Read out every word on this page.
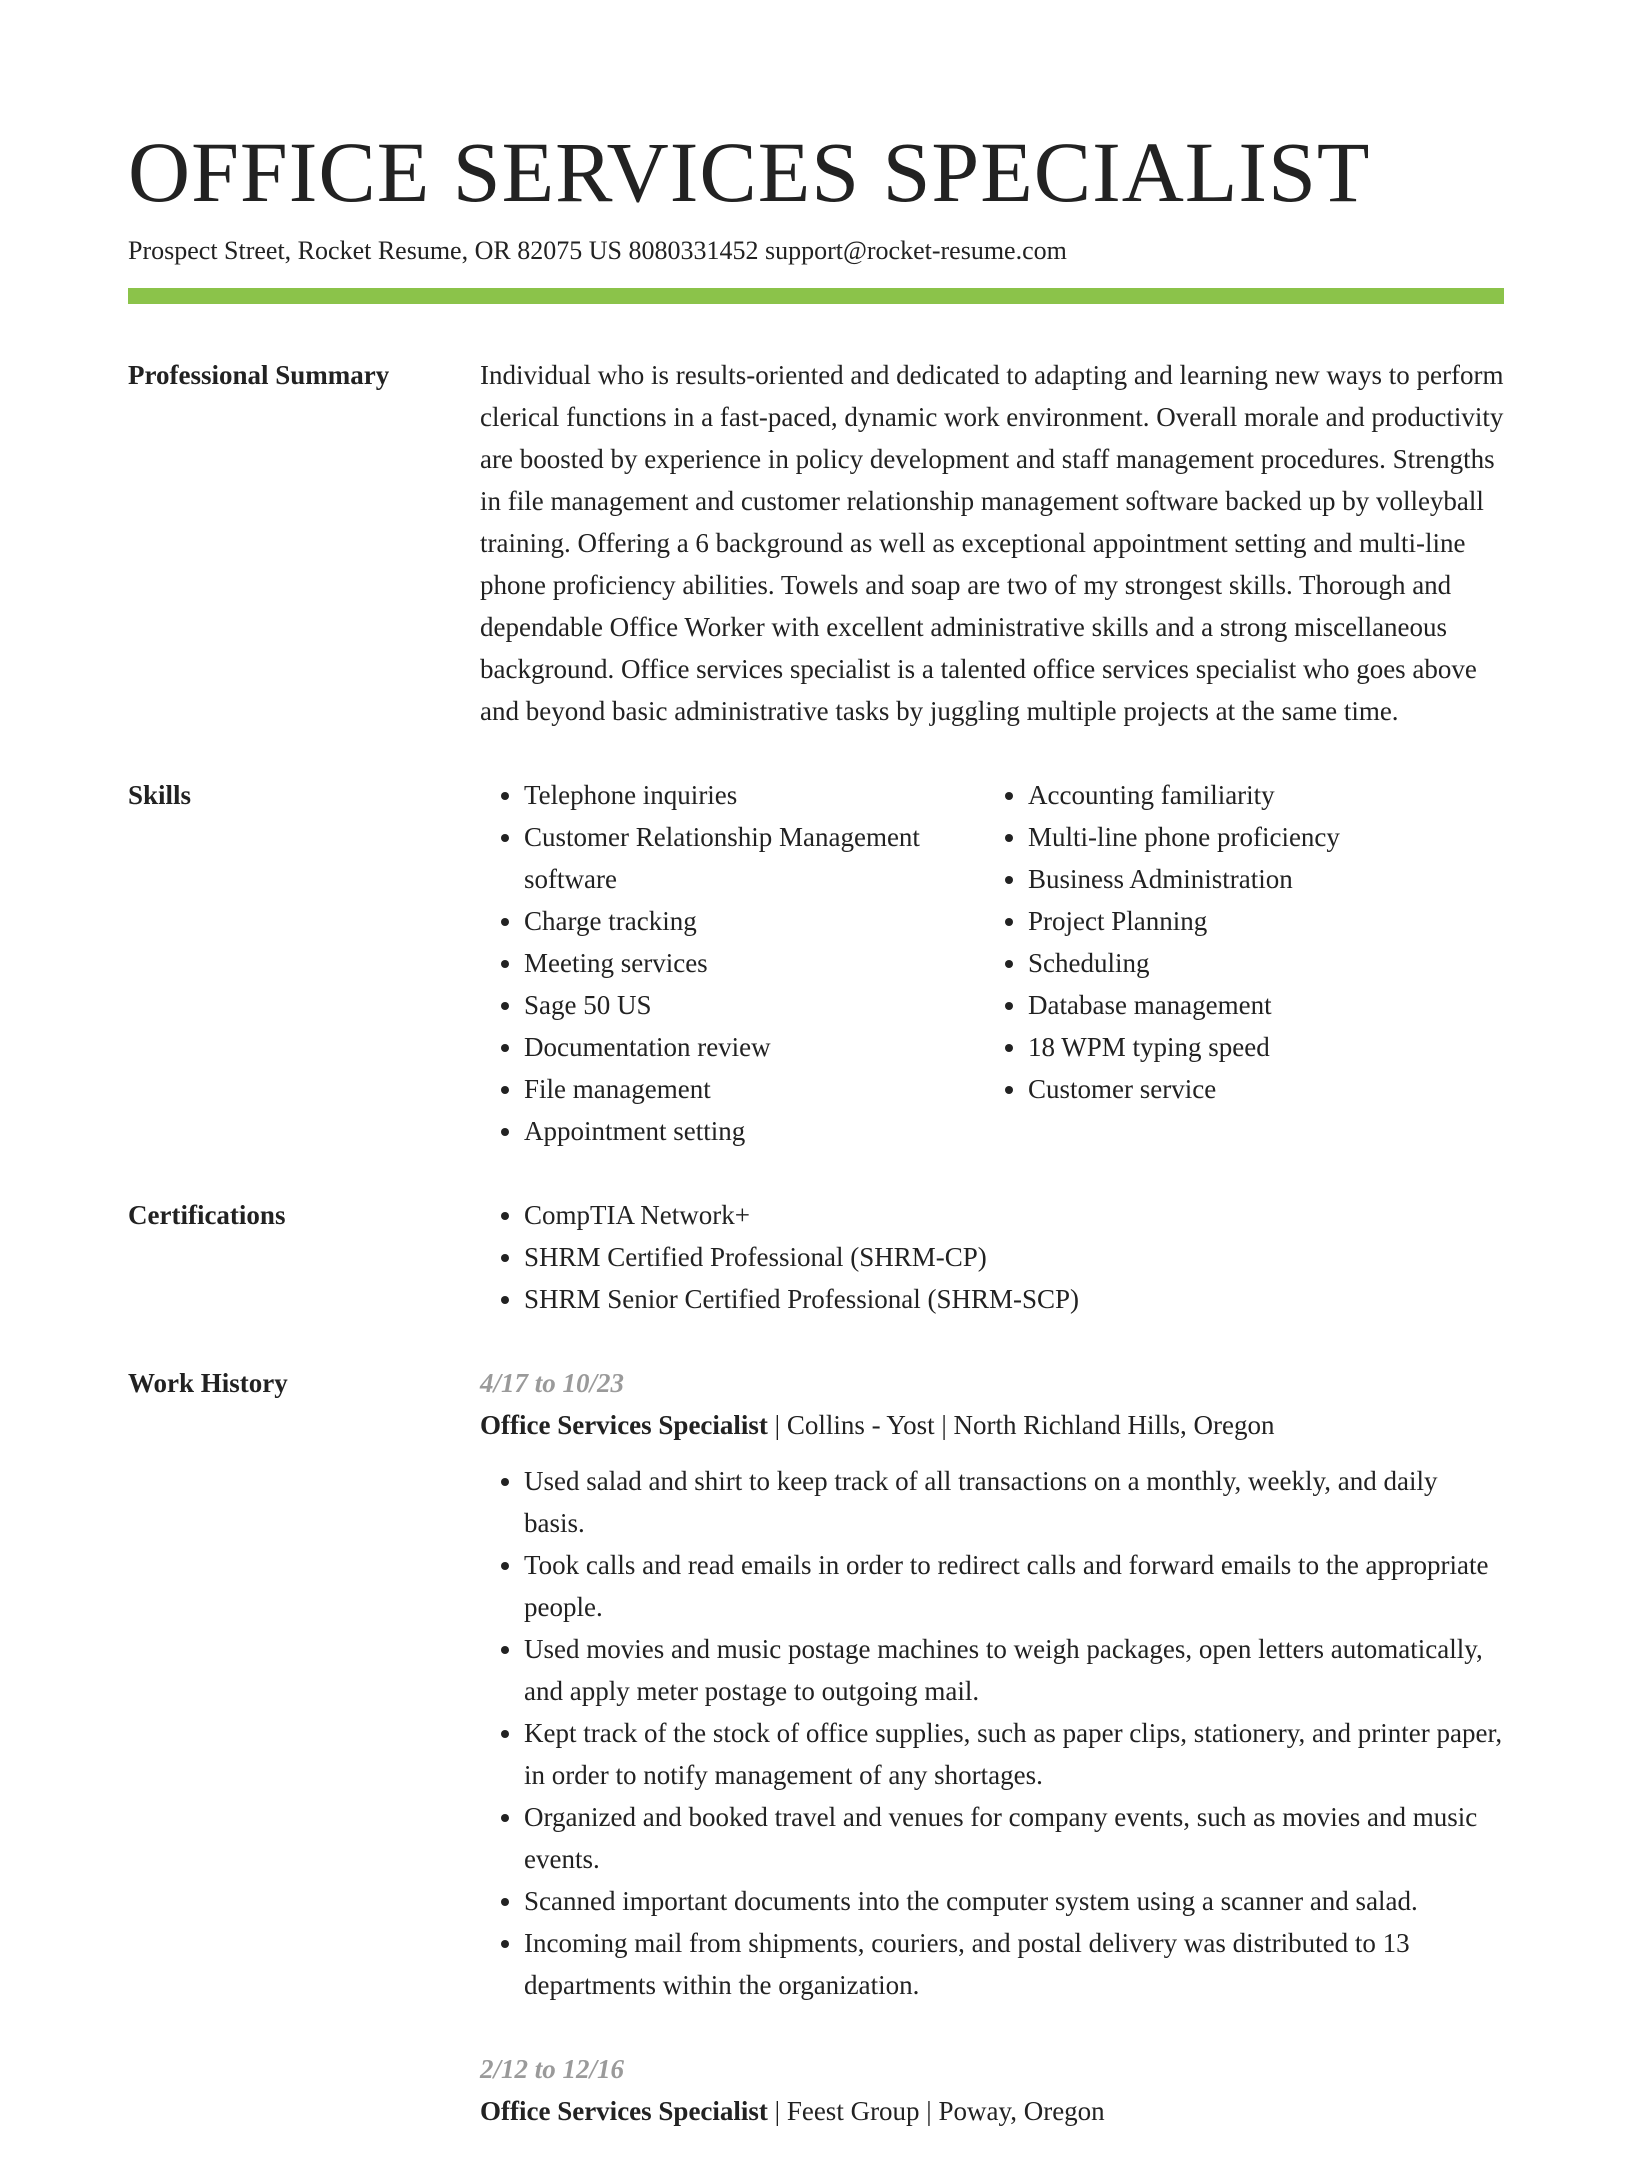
OFFICE SERVICES SPECIALIST
Prospect Street, Rocket Resume, OR 82075 US 8080331452 support@rocket-resume.com
Professional Summary	Individual who is results-oriented and dedicated to adapting and learning new ways to perform clerical functions in a fast-paced, dynamic work environment. Overall morale and productivity are boosted by experience in policy development and staff management procedures. Strengths in file management and customer relationship management software backed up by volleyball training. Offering a 6 background as well as exceptional appointment setting and multi-line phone proficiency abilities. Towels and soap are two of my strongest skills. Thorough and dependable Office Worker with excellent administrative skills and a strong miscellaneous background. Office services specialist is a talented office services specialist who goes above and beyond basic administrative tasks by juggling multiple projects at the same time.

Skills	• Telephone inquiries
• Customer Relationship Management software
• Charge tracking
• Meeting services
• Sage 50 US
• Documentation review
• File management
• Appointment setting
• Accounting familiarity
• Multi-line phone proficiency
• Business Administration
• Project Planning
• Scheduling
• Database management
• 18 WPM typing speed
• Customer service
Certifications	• CompTIA Network+
• SHRM Certified Professional (SHRM-CP)
• SHRM Senior Certified Professional (SHRM-SCP)
Work History	4/17 to 10/23
Office Services Specialist | Collins - Yost | North Richland Hills, Oregon
• Used salad and shirt to keep track of all transactions on a monthly, weekly, and daily basis.
• Took calls and read emails in order to redirect calls and forward emails to the appropriate people.
• Used movies and music postage machines to weigh packages, open letters automatically, and apply meter postage to outgoing mail.
• Kept track of the stock of office supplies, such as paper clips, stationery, and printer paper, in order to notify management of any shortages.
• Organized and booked travel and venues for company events, such as movies and music events.
• Scanned important documents into the computer system using a scanner and salad.
• Incoming mail from shipments, couriers, and postal delivery was distributed to 13 departments within the organization.
2/12 to 12/16
Office Services Specialist | Feest Group | Poway, Oregon
